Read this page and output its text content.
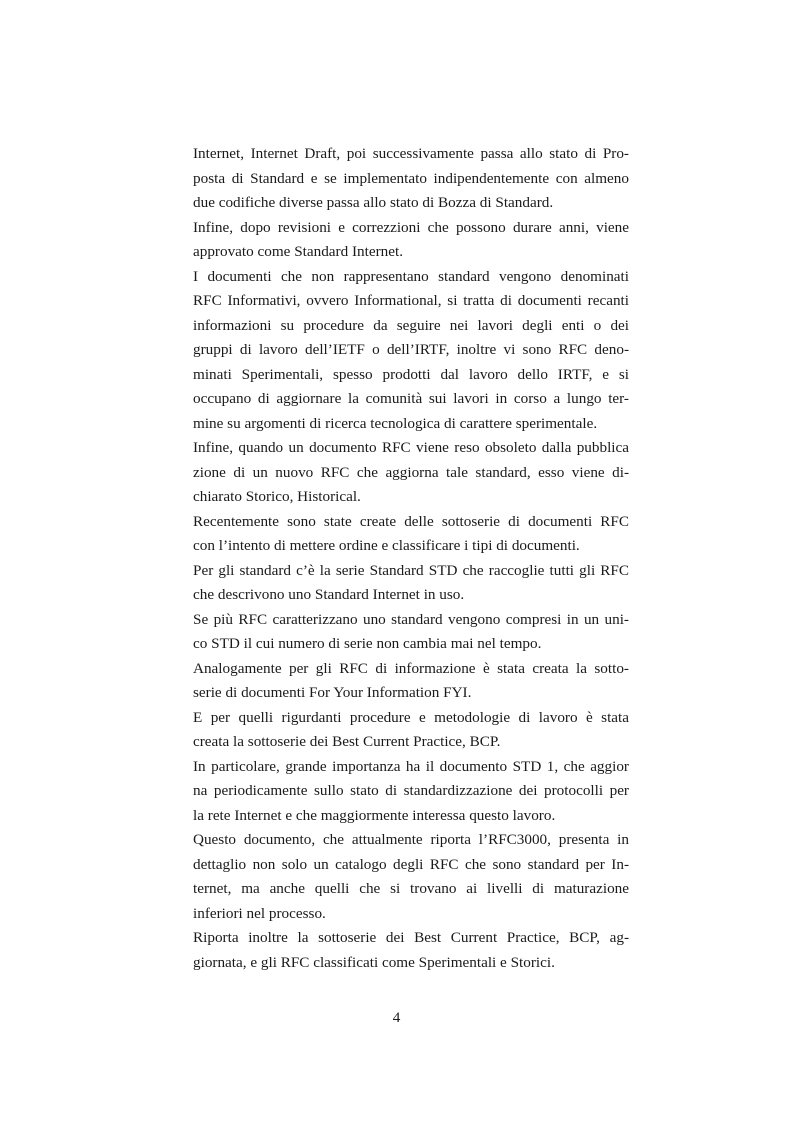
Internet, Internet Draft, poi successivamente passa allo stato di Pro-
posta di Standard e se implementato indipendentemente con almeno
due codifiche diverse passa allo stato di Bozza di Standard.
Infine, dopo revisioni e correzzioni che possono durare anni, viene
approvato come Standard Internet.
I documenti che non rappresentano standard vengono denominati
RFC Informativi, ovvero Informational, si tratta di documenti recanti
informazioni su procedure da seguire nei lavori degli enti o dei
gruppi di lavoro dell’IETF o dell’IRTF, inoltre vi sono RFC deno-
minati Sperimentali, spesso prodotti dal lavoro dello IRTF, e si
occupano di aggiornare la comunità sui lavori in corso a lungo ter-
mine su argomenti di ricerca tecnologica di carattere sperimentale.
Infine, quando un documento RFC viene reso obsoleto dalla pubblica
zione di un nuovo RFC che aggiorna tale standard, esso viene di-
chiarato Storico, Historical.
Recentemente sono state create delle sottoserie di documenti RFC
con l’intento di mettere ordine e classificare i tipi di documenti.
Per gli standard c’è la serie Standard STD che raccoglie tutti gli RFC
che descrivono uno Standard Internet in uso.
Se più RFC caratterizzano uno standard vengono compresi in un uni-
co STD il cui numero di serie non cambia mai nel tempo.
Analogamente per gli RFC di informazione è stata creata la sotto-
serie di documenti For Your Information FYI.
E per quelli rigurdanti procedure e metodologie di lavoro è stata
creata la sottoserie dei Best Current Practice, BCP.
In particolare, grande importanza ha il documento STD 1, che aggior
na periodicamente sullo stato di standardizzazione dei protocolli per
la rete Internet e che maggiormente interessa questo lavoro.
Questo documento, che attualmente riporta l’RFC3000, presenta in
dettaglio non solo un catalogo degli RFC che sono standard per In-
ternet, ma anche quelli che si trovano ai livelli di maturazione
inferiori nel processo.
Riporta inoltre la sottoserie dei Best Current Practice, BCP, ag-
giornata, e gli RFC classificati come Sperimentali e Storici.
4
